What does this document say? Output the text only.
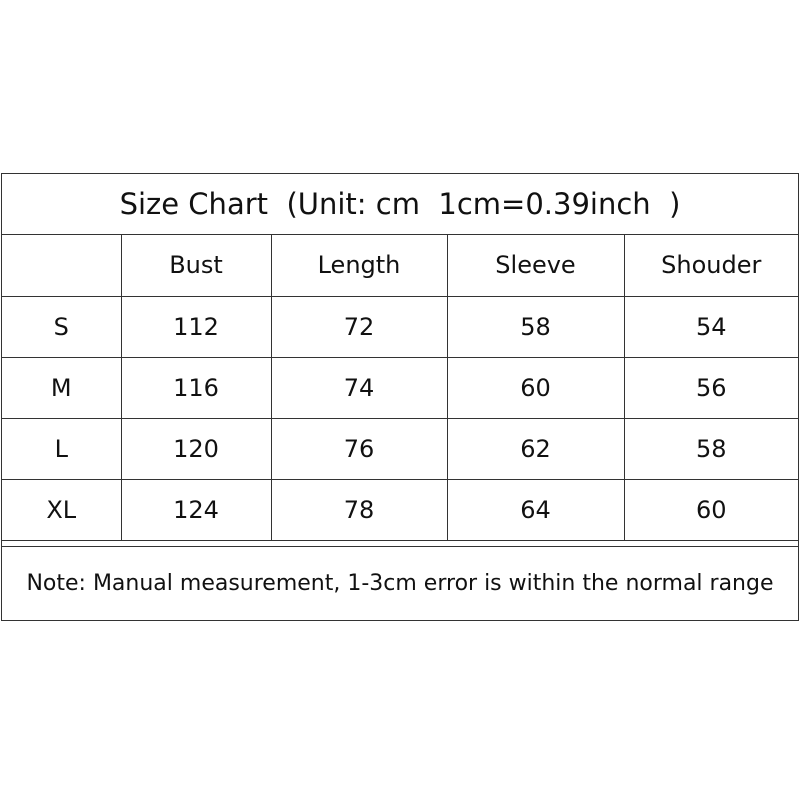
Size Chart  (Unit: cm  1cm=0.39inch  )
	Bust	Length	Sleeve	Shouder
S	112	72	58	54
M	116	74	60	56
L	120	76	62	58
XL	124	78	64	60
Note: Manual measurement, 1-3cm error is within the normal range
